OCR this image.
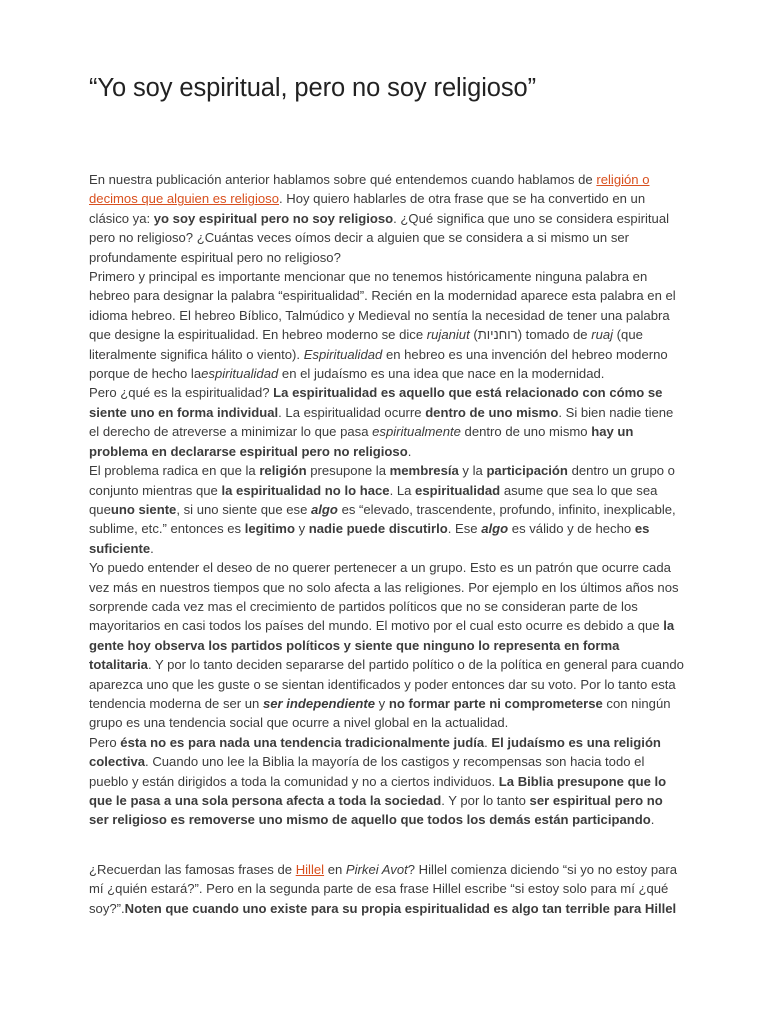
“Yo soy espiritual, pero no soy religioso”

En nuestra publicación anterior hablamos sobre qué entendemos cuando hablamos de religión o decimos que alguien es religioso. Hoy quiero hablarles de otra frase que se ha convertido en un clásico ya: yo soy espiritual pero no soy religioso. ¿Qué significa que uno se considera espiritual pero no religioso? ¿Cuántas veces oímos decir a alguien que se considera a si mismo un ser profundamente espiritual pero no religioso?

Primero y principal es importante mencionar que no tenemos históricamente ninguna palabra en hebreo para designar la palabra “espiritualidad”. Recién en la modernidad aparece esta palabra en el idioma hebreo. El hebreo Bíblico, Talmúdico y Medieval no sentía la necesidad de tener una palabra que designe la espiritualidad. En hebreo moderno se dice rujaniut (רוחניות) tomado de ruaj (que literalmente significa hálito o viento). Espiritualidad en hebreo es una invención del hebreo moderno porque de hecho laespiritualidad en el judaísmo es una idea que nace en la modernidad.

Pero ¿qué es la espiritualidad? La espiritualidad es aquello que está relacionado con cómo se siente uno en forma individual. La espiritualidad ocurre dentro de uno mismo. Si bien nadie tiene el derecho de atreverse a minimizar lo que pasa espiritualmente dentro de uno mismo hay un problema en declararse espiritual pero no religioso.

El problema radica en que la religión presupone la membresía y la participación dentro un grupo o conjunto mientras que la espiritualidad no lo hace. La espiritualidad asume que sea lo que sea queuno siente, si uno siente que ese algo es “elevado, trascendente, profundo, infinito, inexplicable, sublime, etc.” entonces es legitimo y nadie puede discutirlo. Ese algo es válido y de hecho es suficiente.

Yo puedo entender el deseo de no querer pertenecer a un grupo. Esto es un patrón que ocurre cada vez más en nuestros tiempos que no solo afecta a las religiones. Por ejemplo en los últimos años nos sorprende cada vez mas el crecimiento de partidos políticos que no se consideran parte de los mayoritarios en casi todos los países del mundo. El motivo por el cual esto ocurre es debido a que la gente hoy observa los partidos políticos y siente que ninguno lo representa en forma totalitaria. Y por lo tanto deciden separarse del partido político o de la política en general para cuando aparezca uno que les guste o se sientan identificados y poder entonces dar su voto. Por lo tanto esta tendencia moderna de ser un ser independiente y no formar parte ni comprometerse con ningún grupo es una tendencia social que ocurre a nivel global en la actualidad.

Pero ésta no es para nada una tendencia tradicionalmente judía. El judaísmo es una religión colectiva. Cuando uno lee la Biblia la mayoría de los castigos y recompensas son hacia todo el pueblo y están dirigidos a toda la comunidad y no a ciertos individuos. La Biblia presupone que lo que le pasa a una sola persona afecta a toda la sociedad. Y por lo tanto ser espiritual pero no ser religioso es removerse uno mismo de aquello que todos los demás están participando.

¿Recuerdan las famosas frases de Hillel en Pirkei Avot? Hillel comienza diciendo “si yo no estoy para mí ¿quién estará?”. Pero en la segunda parte de esa frase Hillel escribe “si estoy solo para mí ¿qué soy?”.Noten que cuando uno existe para su propia espiritualidad es algo tan terrible para Hillel
